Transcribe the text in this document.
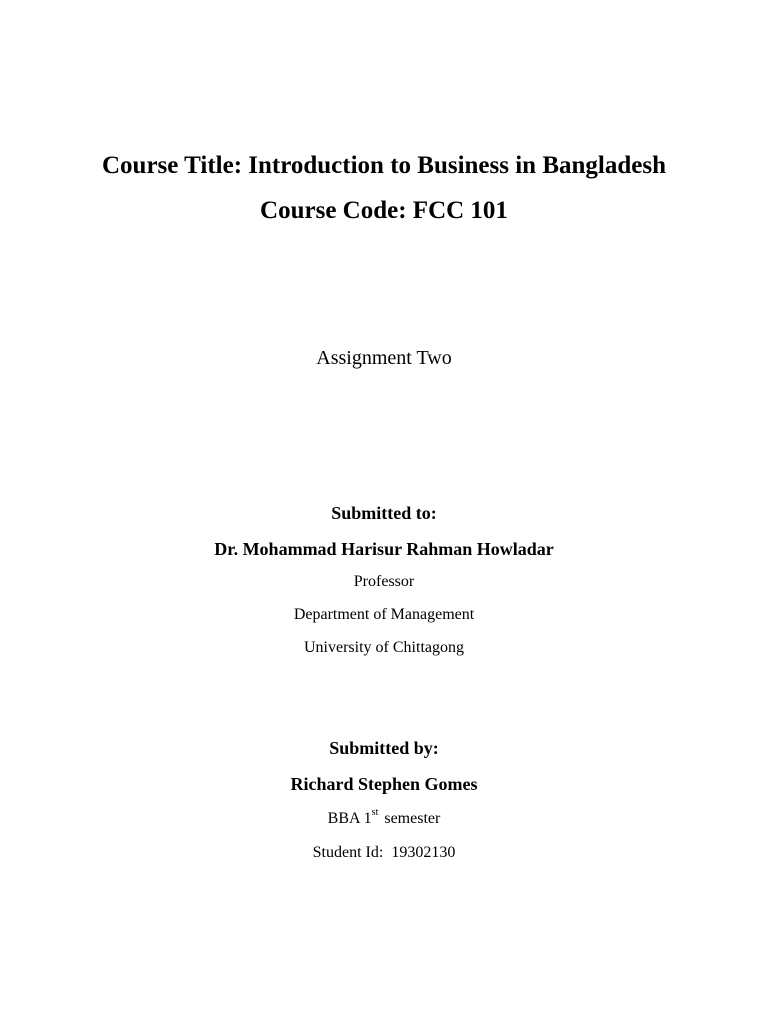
Course Title: Introduction to Business in Bangladesh
Course Code: FCC 101
Assignment Two
Submitted to:
Dr. Mohammad Harisur Rahman Howladar
Professor
Department of Management
University of Chittagong
Submitted by:
Richard Stephen Gomes
BBA 1st semester
Student Id:  19302130
